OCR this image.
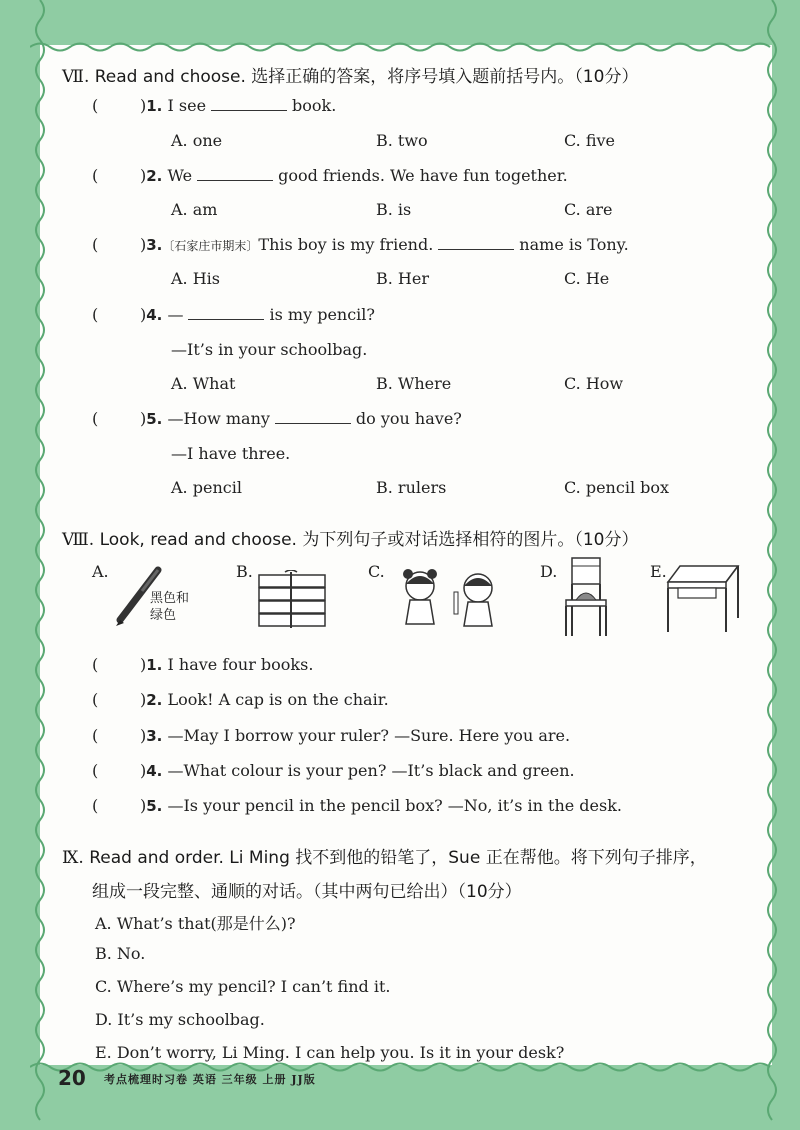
Ⅶ. Read and choose. 选择正确的答案，将序号填入题前括号内。（10分）
(	)1. I see	book.
A. one	B. two	C. five
(	)2. We	good friends. We have fun together.
A. am	B. is	C. are
(	)3.〔石家庄市期末〕This boy is my friend.	name is Tony.
A. His	B. Her	C. He
(	)4. —	is my pencil?
—It’s in your schoolbag.
A. What	B. Where	C. How
(	)5. —How many	do you have?
—I have three.
A. pencil	B. rulers	C. pencil box
Ⅷ. Look, read and choose. 为下列句子或对话选择相符的图片。（10分）
A.
黑色和
绿色
B.	C.	D.	E.
(	)1. I have four books.
(	)2. Look! A cap is on the chair.
(	)3. —May I borrow your ruler? —Sure. Here you are.
(	)4. —What colour is your pen? —It’s black and green.
(	)5. —Is your pencil in the pencil box? —No, it’s in the desk.
Ⅸ. Read and order. Li Ming 找不到他的铅笔了，Sue 正在帮他。将下列句子排序，
组成一段完整、通顺的对话。（其中两句已给出）（10分）
A. What’s that(那是什么)?
B. No.
C. Where’s my pencil? I can’t find it.
D. It’s my schoolbag.
E. Don’t worry, Li Ming. I can help you. Is it in your desk?
20 考点梳理时习卷 英语 三年级 上册 JJ版
